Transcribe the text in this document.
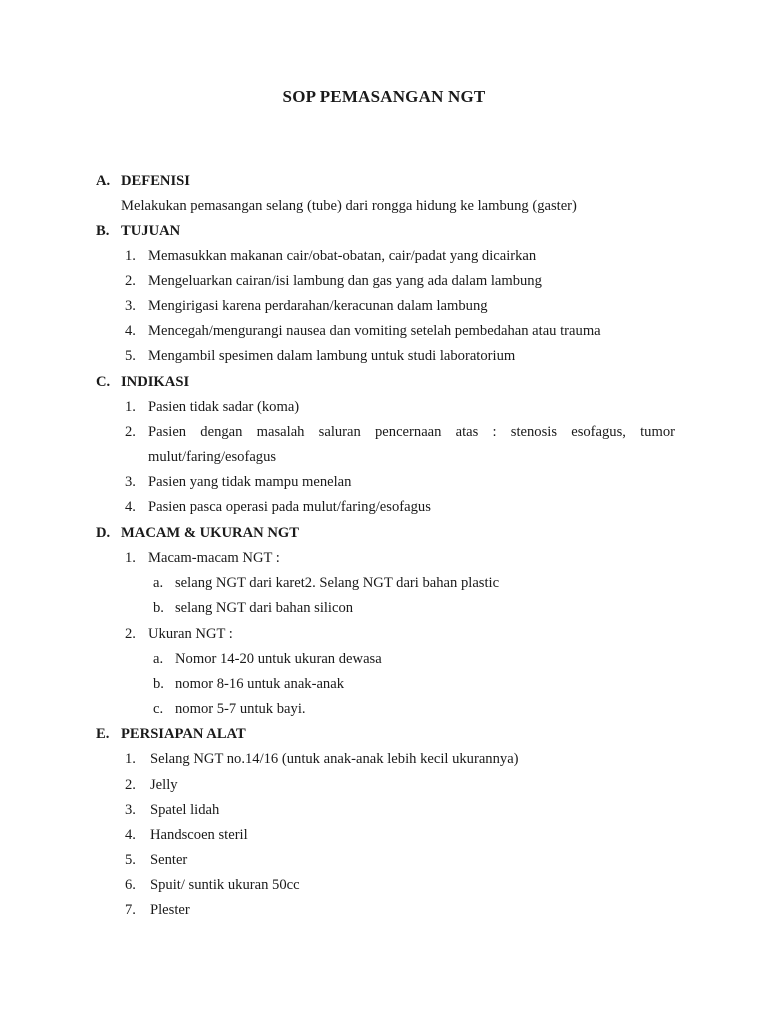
SOP PEMASANGAN NGT
A. DEFENISI
Melakukan pemasangan selang (tube) dari rongga hidung ke lambung (gaster)
B. TUJUAN
1. Memasukkan makanan cair/obat-obatan, cair/padat yang dicairkan
2. Mengeluarkan cairan/isi lambung dan gas yang ada dalam lambung
3. Mengirigasi karena perdarahan/keracunan dalam lambung
4. Mencegah/mengurangi nausea dan vomiting setelah pembedahan atau trauma
5. Mengambil spesimen dalam lambung untuk studi laboratorium
C. INDIKASI
1. Pasien tidak sadar (koma)
2. Pasien dengan masalah saluran pencernaan atas : stenosis esofagus, tumor
mulut/faring/esofagus
3. Pasien yang tidak mampu menelan
4. Pasien pasca operasi pada mulut/faring/esofagus
D. MACAM & UKURAN NGT
1. Macam-macam NGT :
a. selang NGT dari karet2. Selang NGT dari bahan plastic
b. selang NGT dari bahan silicon
2. Ukuran NGT :
a. Nomor 14-20 untuk ukuran dewasa
b. nomor 8-16 untuk anak-anak
c. nomor 5-7 untuk bayi.
E. PERSIAPAN ALAT
1. Selang NGT no.14/16 (untuk anak-anak lebih kecil ukurannya)
2. Jelly
3. Spatel lidah
4. Handscoen steril
5. Senter
6. Spuit/ suntik ukuran 50cc
7. Plester
